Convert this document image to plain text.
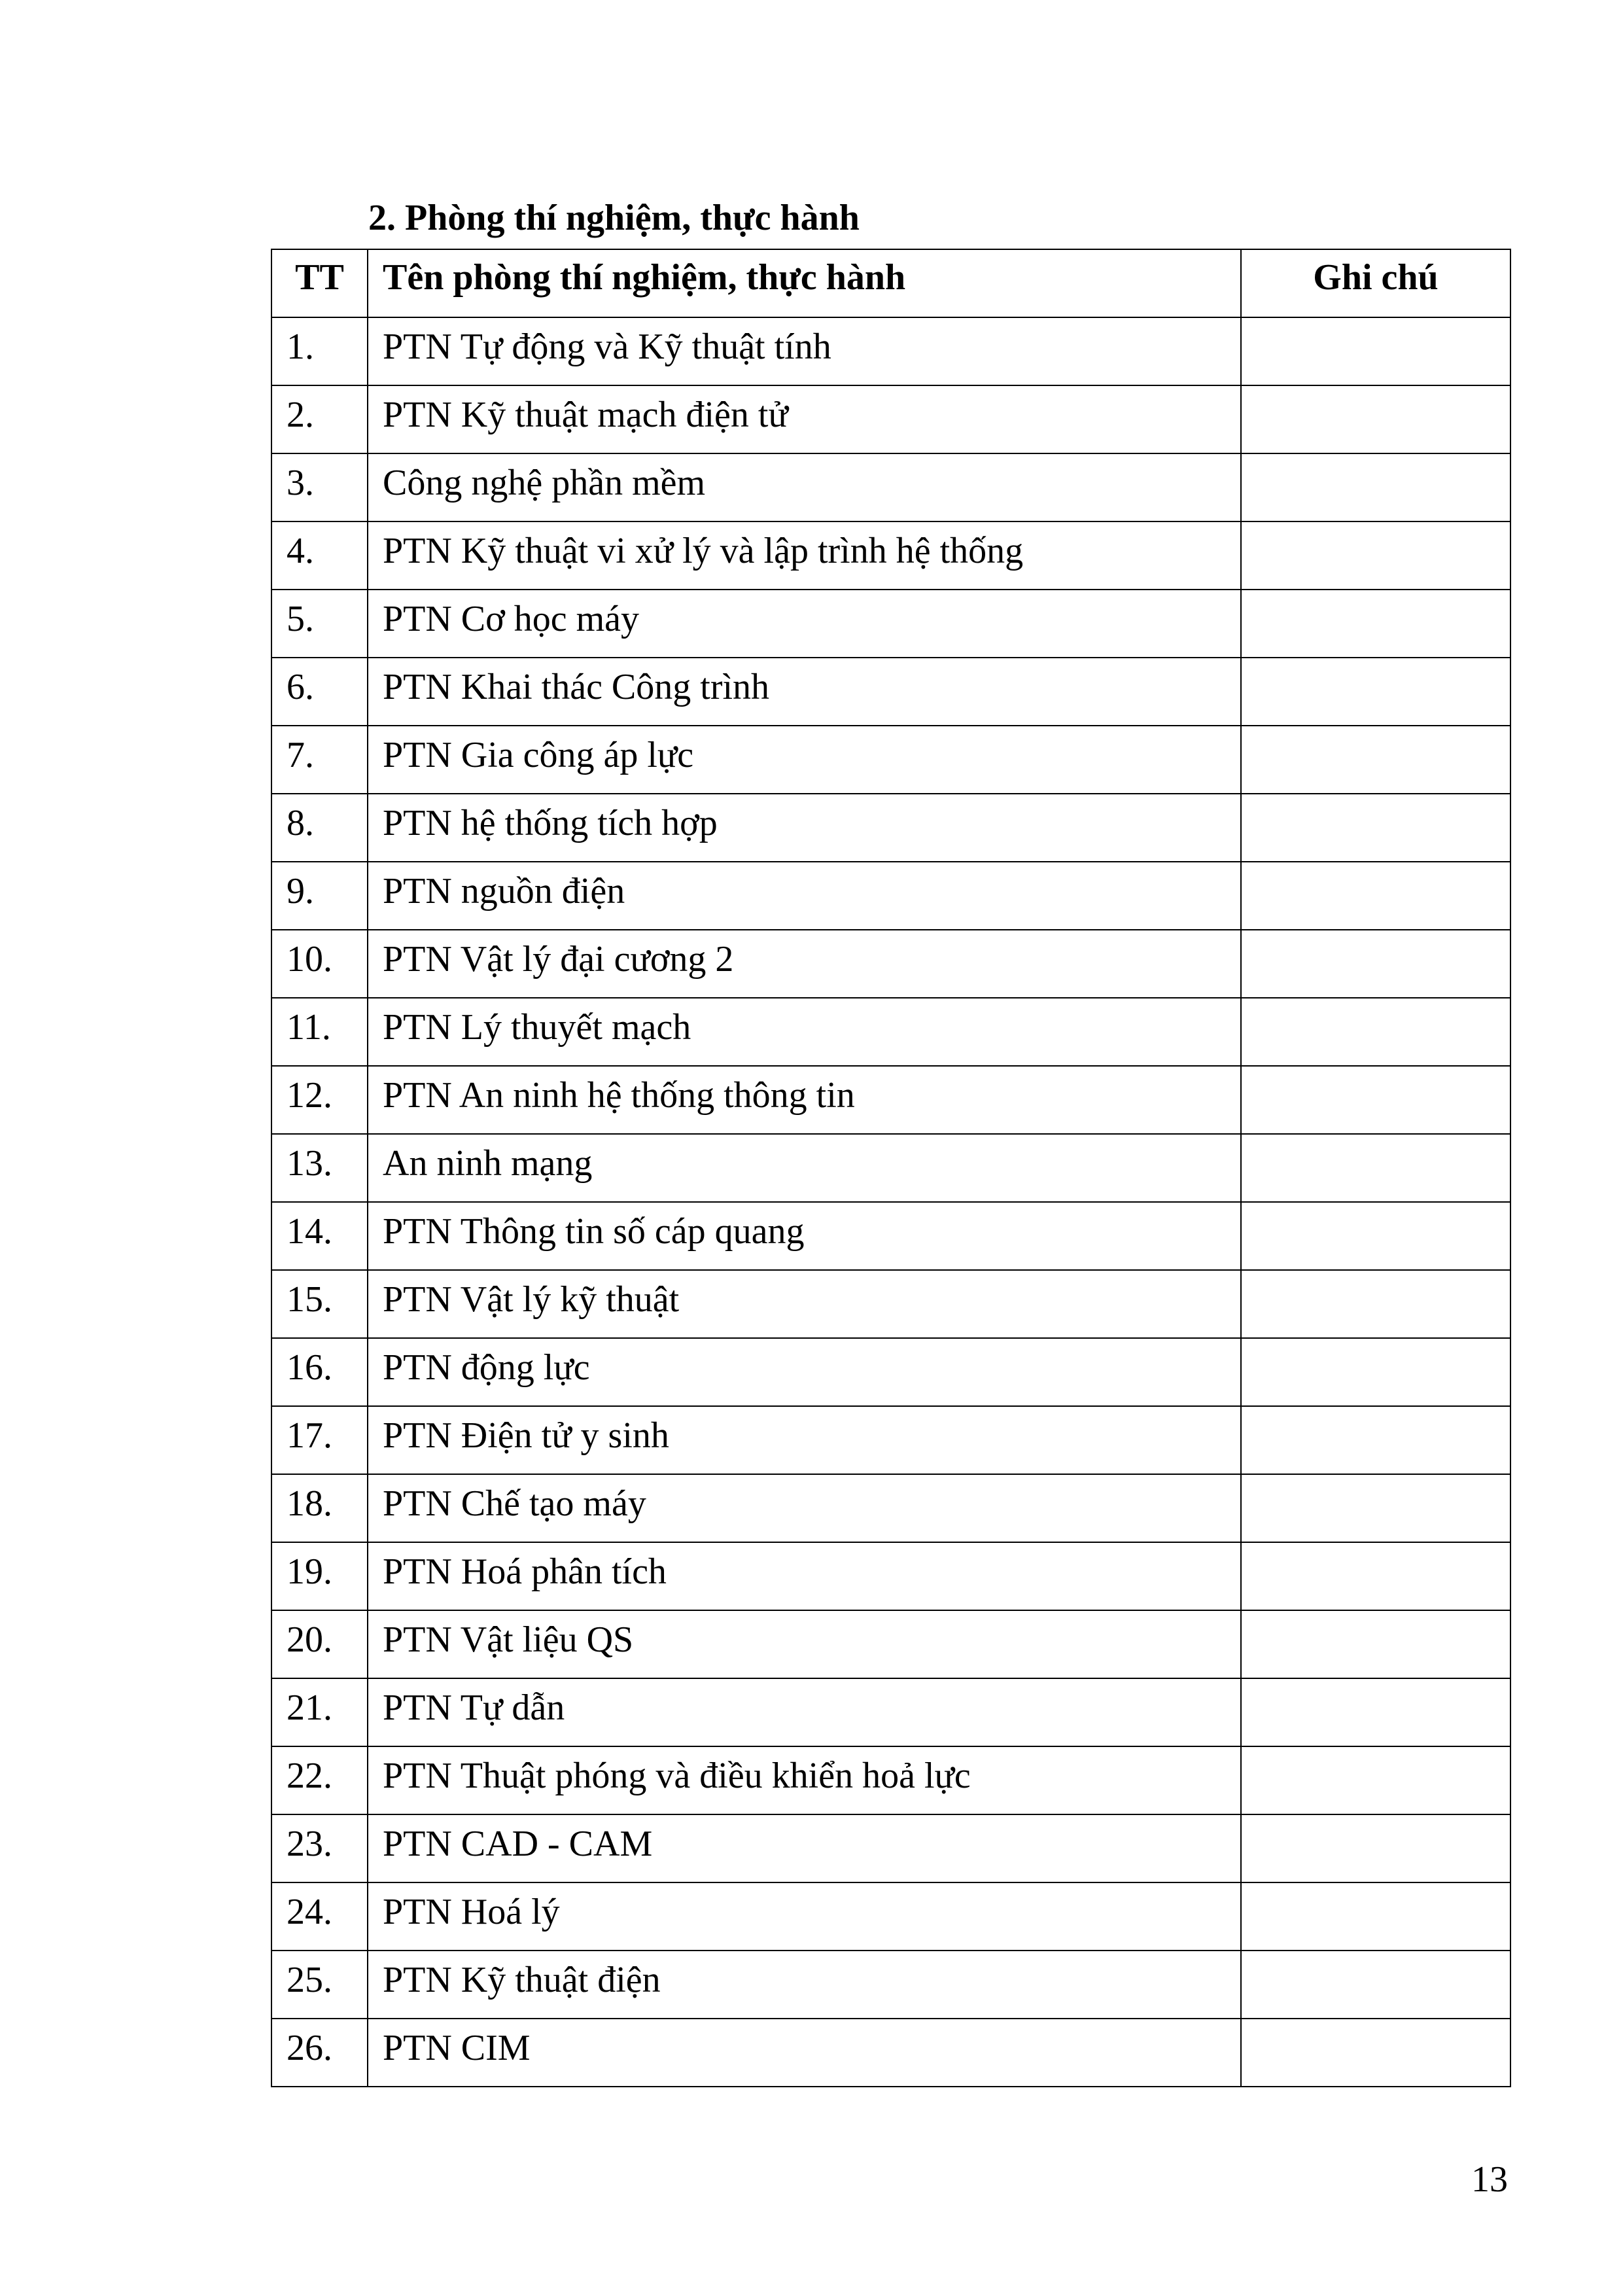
2. Phòng thí nghiệm, thực hành
TT	Tên phòng thí nghiệm, thực hành	Ghi chú
1.	PTN Tự động và Kỹ thuật tính	
2.	PTN Kỹ thuật mạch điện tử	
3.	Công nghệ phần mềm	
4.	PTN Kỹ thuật vi xử lý và lập trình hệ thống	
5.	PTN Cơ học máy	
6.	PTN Khai thác Công trình	
7.	PTN Gia công áp lực	
8.	PTN hệ thống tích hợp	
9.	PTN nguồn điện	
10.	PTN Vật lý đại cương 2	
11.	PTN Lý thuyết mạch	
12.	PTN An ninh hệ thống thông tin	
13.	An ninh mạng	
14.	PTN Thông tin số cáp quang	
15.	PTN Vật lý kỹ thuật	
16.	PTN động lực	
17.	PTN Điện tử y sinh	
18.	PTN Chế tạo máy	
19.	PTN Hoá phân tích	
20.	PTN Vật liệu QS	
21.	PTN Tự dẫn	
22.	PTN Thuật phóng và điều khiển hoả lực	
23.	PTN CAD - CAM	
24.	PTN Hoá lý	
25.	PTN Kỹ thuật điện	
26.	PTN CIM	
13
